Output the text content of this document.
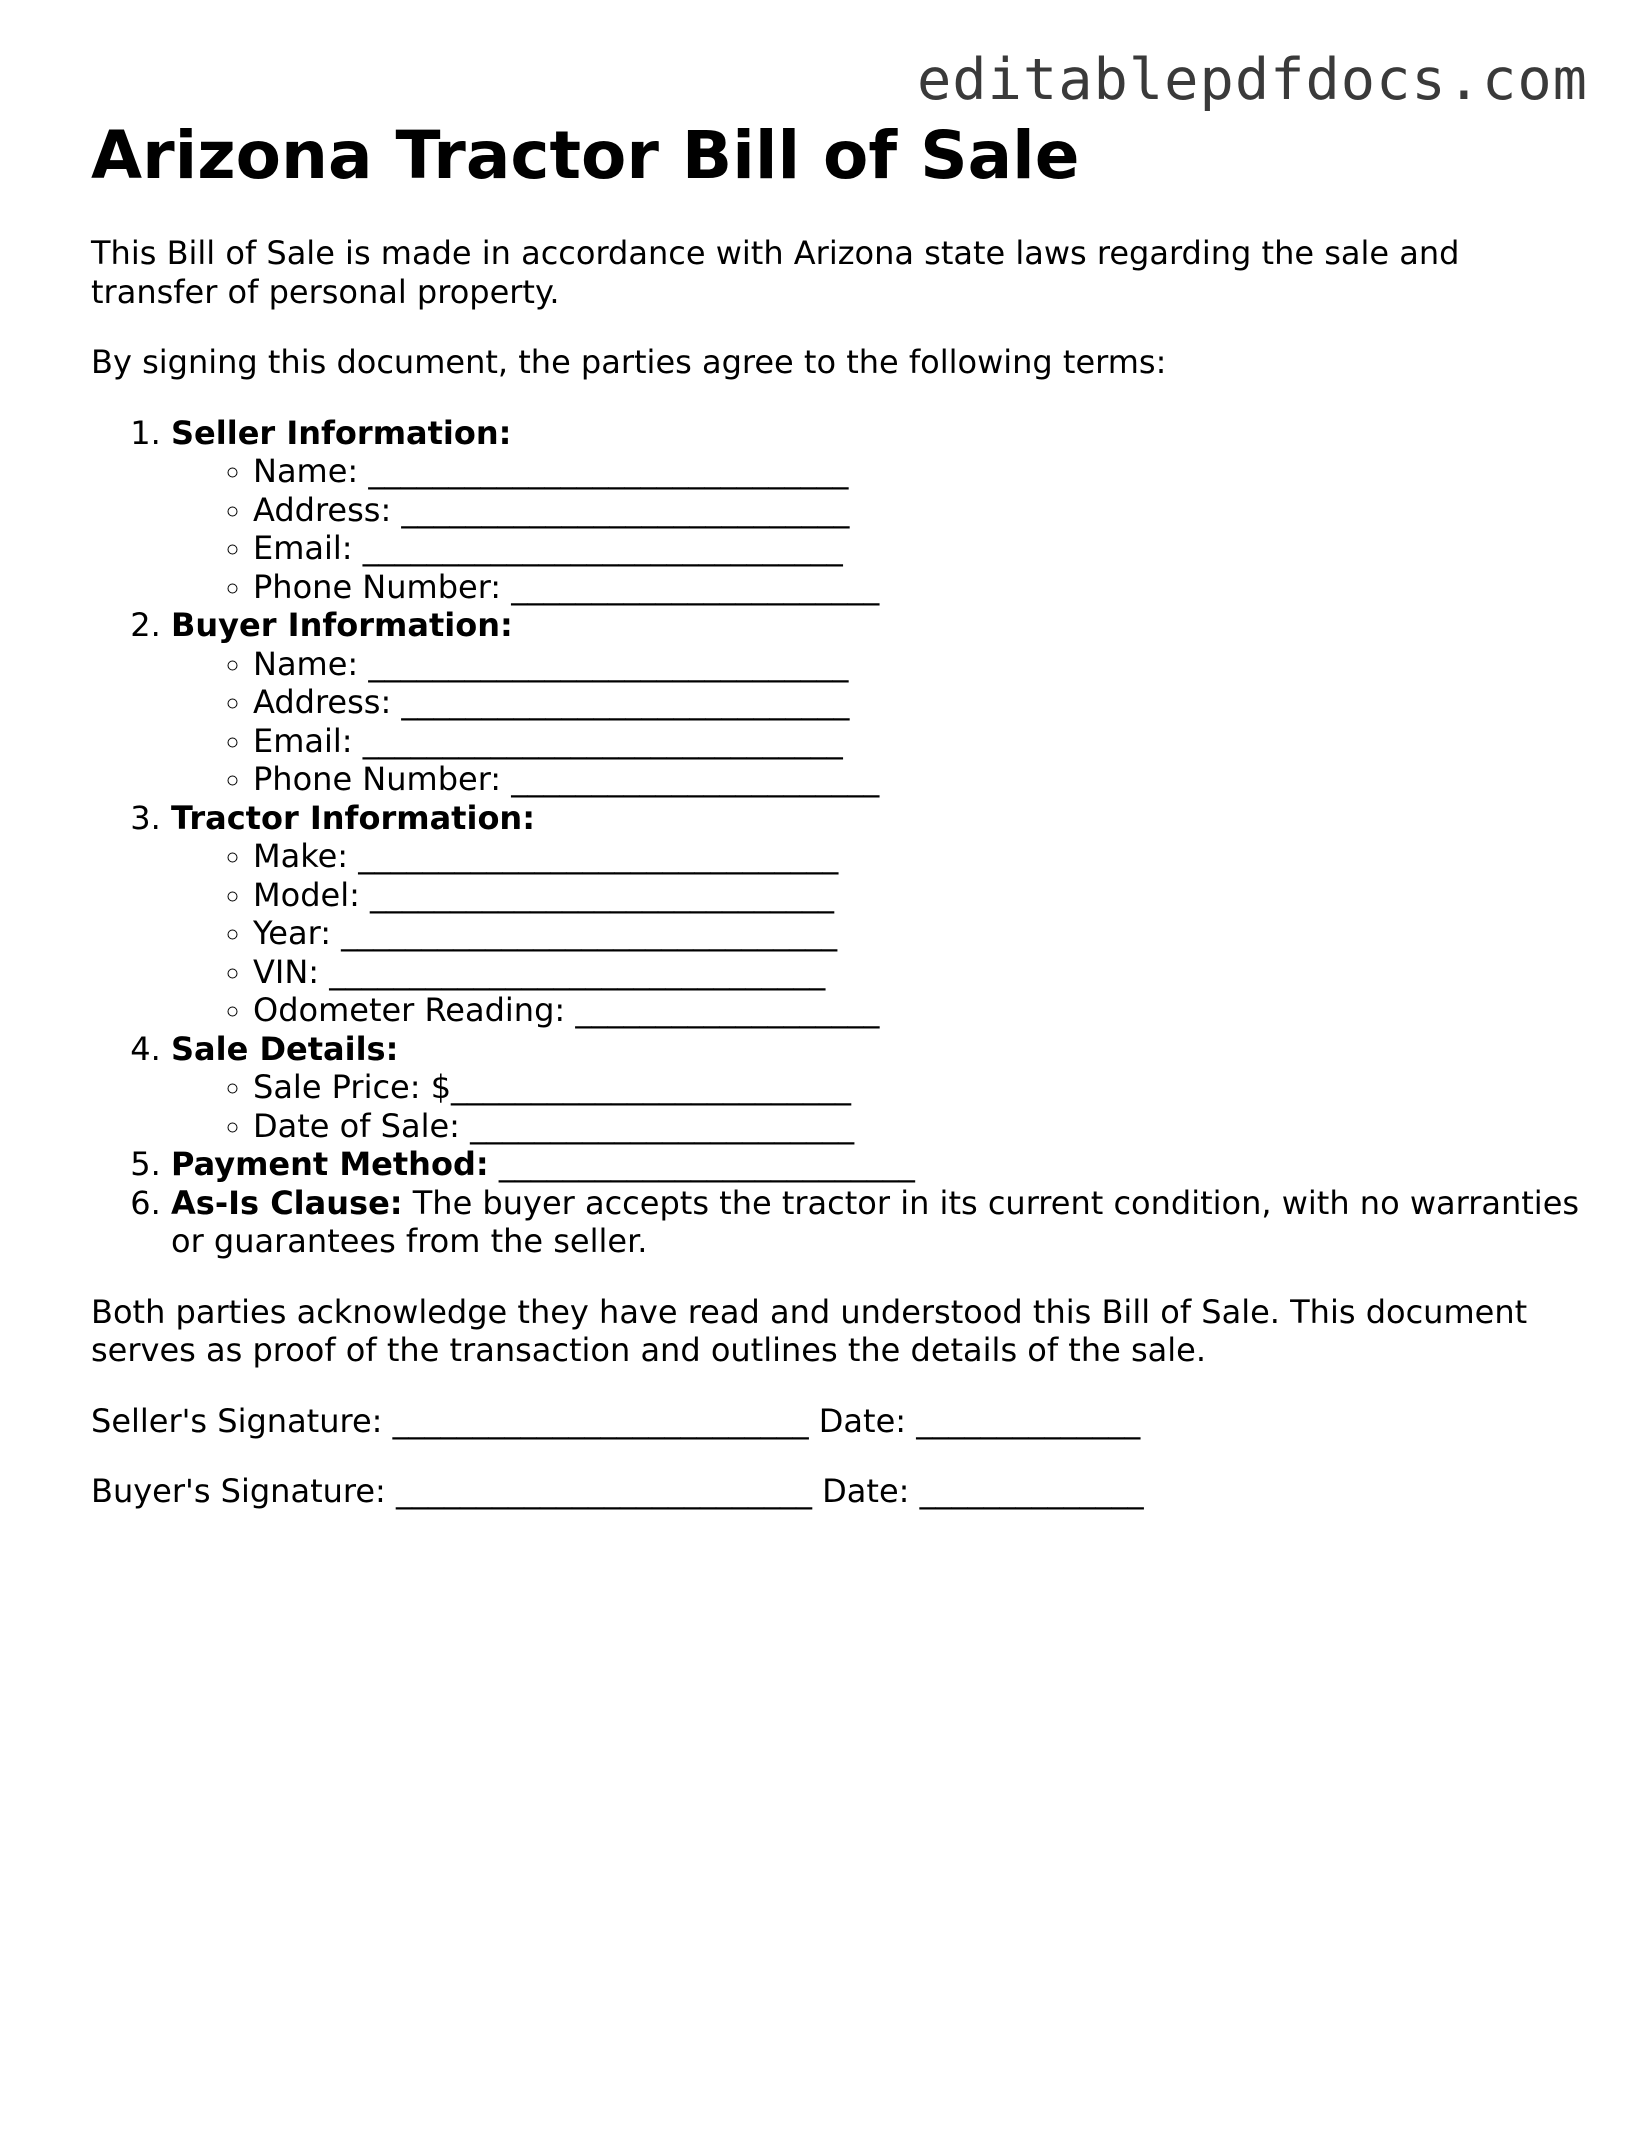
editablepdfdocs.com
Arizona Tractor Bill of Sale

This Bill of Sale is made in accordance with Arizona state laws regarding the sale and transfer of personal property.

By signing this document, the parties agree to the following terms:

1. Seller Information:
◦ Name: ______________________________
◦ Address: ____________________________
◦ Email: ______________________________
◦ Phone Number: _______________________
2. Buyer Information:
◦ Name: ______________________________
◦ Address: ____________________________
◦ Email: ______________________________
◦ Phone Number: _______________________
3. Tractor Information:
◦ Make: ______________________________
◦ Model: _____________________________
◦ Year: _______________________________
◦ VIN: _______________________________
◦ Odometer Reading: ___________________
4. Sale Details:
◦ Sale Price: $_________________________
◦ Date of Sale: ________________________
5. Payment Method: __________________________
6. As-Is Clause: The buyer accepts the tractor in its current condition, with no warranties or guarantees from the seller.

Both parties acknowledge they have read and understood this Bill of Sale. This document serves as proof of the transaction and outlines the details of the sale.

Seller's Signature: __________________________ Date: ______________

Buyer's Signature: __________________________ Date: ______________
